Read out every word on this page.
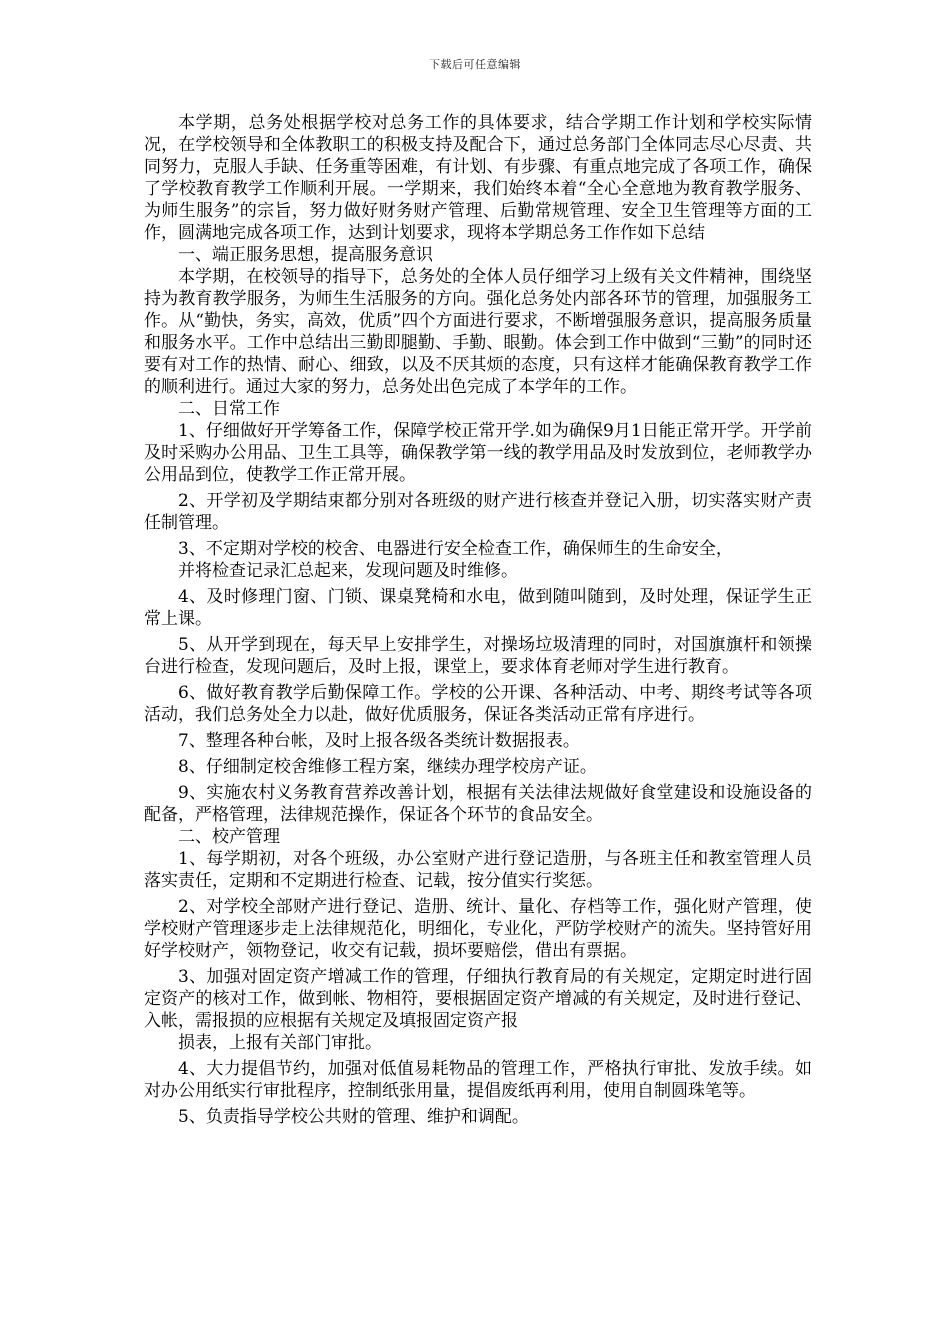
下载后可任意编辑

本学期，总务处根据学校对总务工作的具体要求，结合学期工作计划和学校实际情况，在学校领导和全体教职工的积极支持及配合下，通过总务部门全体同志尽心尽责、共同努力，克服人手缺、任务重等困难，有计划、有步骤、有重点地完成了各项工作，确保了学校教育教学工作顺利开展。一学期来，我们始终本着“全心全意地为教育教学服务、为师生服务”的宗旨，努力做好财务财产管理、后勤常规管理、安全卫生管理等方面的工作，圆满地完成各项工作，达到计划要求，现将本学期总务工作作如下总结

一、端正服务思想，提高服务意识

本学期，在校领导的指导下，总务处的全体人员仔细学习上级有关文件精神，围绕坚持为教育教学服务，为师生生活服务的方向。强化总务处内部各环节的管理，加强服务工作。从“勤快，务实，高效，优质”四个方面进行要求，不断增强服务意识，提高服务质量和服务水平。工作中总结出三勤即腿勤、手勤、眼勤。体会到工作中做到“三勤”的同时还要有对工作的热情、耐心、细致，以及不厌其烦的态度，只有这样才能确保教育教学工作的顺利进行。通过大家的努力，总务处出色完成了本学年的工作。

二、日常工作

1、仔细做好开学筹备工作，保障学校正常开学.如为确保9月1日能正常开学。开学前及时采购办公用品、卫生工具等，确保教学第一线的教学用品及时发放到位，老师教学办公用品到位，使教学工作正常开展。

2、开学初及学期结束都分别对各班级的财产进行核查并登记入册，切实落实财产责任制管理。

3、不定期对学校的校舍、电器进行安全检查工作，确保师生的生命安全，

并将检查记录汇总起来，发现问题及时维修。

4、及时修理门窗、门锁、课桌凳椅和水电，做到随叫随到，及时处理，保证学生正常上课。

5、从开学到现在，每天早上安排学生，对操场垃圾清理的同时，对国旗旗杆和领操台进行检查，发现问题后，及时上报，课堂上，要求体育老师对学生进行教育。

6、做好教育教学后勤保障工作。学校的公开课、各种活动、中考、期终考试等各项活动，我们总务处全力以赴，做好优质服务，保证各类活动正常有序进行。

7、整理各种台帐，及时上报各级各类统计数据报表。

8、仔细制定校舍维修工程方案，继续办理学校房产证。

9、实施农村义务教育营养改善计划，根据有关法律法规做好食堂建设和设施设备的配备，严格管理，法律规范操作，保证各个环节的食品安全。

二、校产管理

1、每学期初，对各个班级，办公室财产进行登记造册，与各班主任和教室管理人员落实责任，定期和不定期进行检查、记载，按分值实行奖惩。

2、对学校全部财产进行登记、造册、统计、量化、存档等工作，强化财产管理，使学校财产管理逐步走上法律规范化，明细化，专业化，严防学校财产的流失。坚持管好用好学校财产，领物登记，收交有记载，损坏要赔偿，借出有票据。

3、加强对固定资产增减工作的管理，仔细执行教育局的有关规定，定期定时进行固定资产的核对工作，做到帐、物相符，要根据固定资产增减的有关规定，及时进行登记、入帐，需报损的应根据有关规定及填报固定资产报

损表，上报有关部门审批。

4、大力提倡节约，加强对低值易耗物品的管理工作，严格执行审批、发放手续。如对办公用纸实行审批程序，控制纸张用量，提倡废纸再利用，使用自制圆珠笔等。

5、负责指导学校公共财的管理、维护和调配。
